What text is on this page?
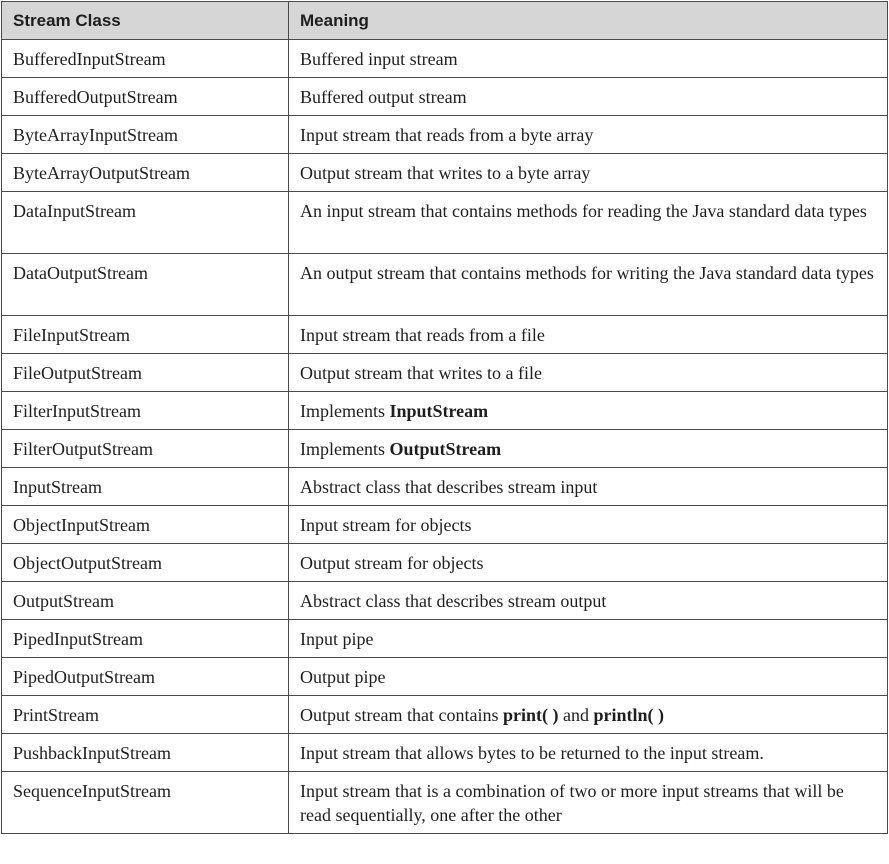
Stream Class	Meaning
BufferedInputStream	Buffered input stream
BufferedOutputStream	Buffered output stream
ByteArrayInputStream	Input stream that reads from a byte array
ByteArrayOutputStream	Output stream that writes to a byte array
DataInputStream	An input stream that contains methods for reading the Java standard data types
DataOutputStream	An output stream that contains methods for writing the Java standard data types
FileInputStream	Input stream that reads from a file
FileOutputStream	Output stream that writes to a file
FilterInputStream	Implements InputStream
FilterOutputStream	Implements OutputStream
InputStream	Abstract class that describes stream input
ObjectInputStream	Input stream for objects
ObjectOutputStream	Output stream for objects
OutputStream	Abstract class that describes stream output
PipedInputStream	Input pipe
PipedOutputStream	Output pipe
PrintStream	Output stream that contains print( ) and println( )
PushbackInputStream	Input stream that allows bytes to be returned to the input stream.
SequenceInputStream	Input stream that is a combination of two or more input streams that will be read sequentially, one after the other
